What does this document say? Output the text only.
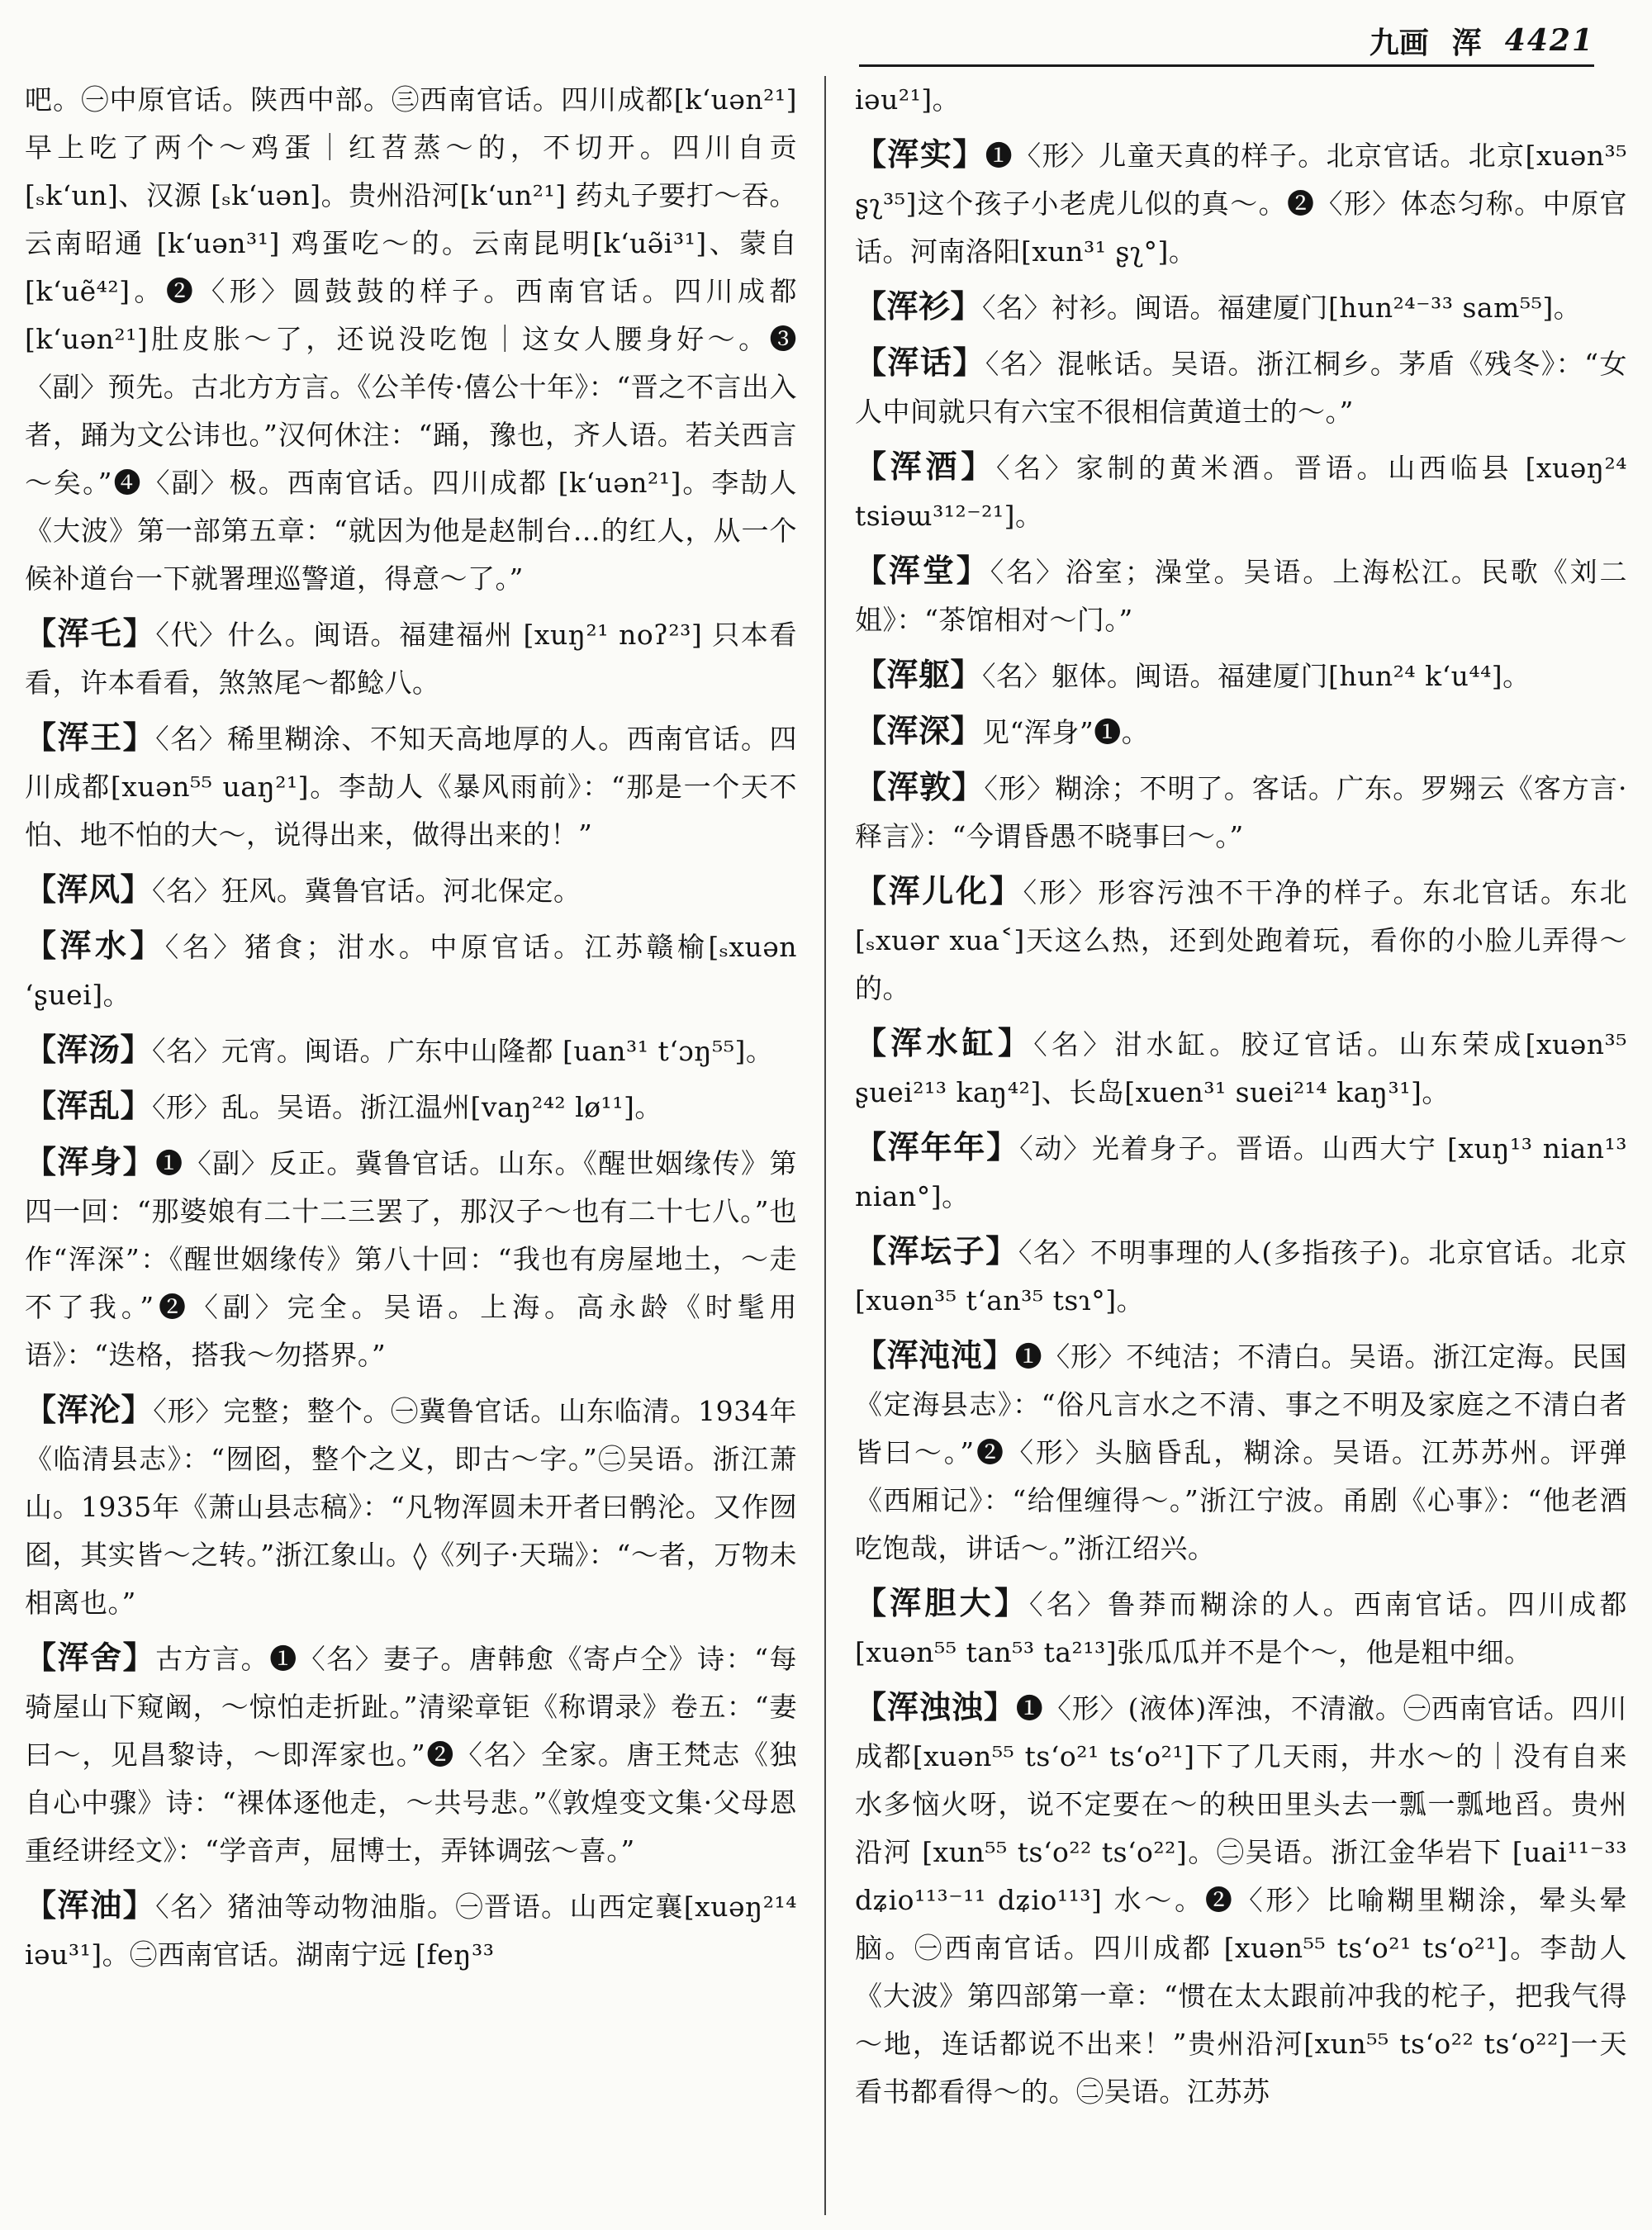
九画 浑 4421

吧。㊀中原官话。陕西中部。㊂西南官话。四川成都[k‘uən²¹]早上吃了两个～鸡蛋｜红苕蒸～的，不切开。四川自贡 [ₛk‘un]、汉源 [ₛk‘uən]。贵州沿河[k‘un²¹] 药丸子要打～吞。云南昭通 [k‘uən³¹] 鸡蛋吃～的。云南昆明[k‘uə̃i³¹]、蒙自[k‘uẽ⁴²]。❷〈形〉圆鼓鼓的样子。西南官话。四川成都[k‘uən²¹]肚皮胀～了，还说没吃饱｜这女人腰身好～。❸〈副〉预先。古北方方言。《公羊传·僖公十年》：“晋之不言出入者，踊为文公讳也。”汉何休注：“踊，豫也，齐人语。若关西言～矣。”❹〈副〉极。西南官话。四川成都 [k‘uən²¹]。李劼人《大波》第一部第五章：“就因为他是赵制台…的红人，从一个候补道台一下就署理巡警道，得意～了。”

【浑乇】〈代〉什么。闽语。福建福州 [xuŋ²¹ noʔ²³] 只本看看，许本看看，煞煞尾～都鲶八。

【浑王】〈名〉稀里糊涂、不知天高地厚的人。西南官话。四川成都[xuən⁵⁵ uaŋ²¹]。李劼人《暴风雨前》：“那是一个天不怕、地不怕的大～，说得出来，做得出来的！”

【浑风】〈名〉狂风。冀鲁官话。河北保定。

【浑水】〈名〉猪食；泔水。中原官话。江苏赣榆[ₛxuən ‘ʂuei]。

【浑汤】〈名〉元宵。闽语。广东中山隆都 [uan³¹ t‘ɔŋ⁵⁵]。

【浑乱】〈形〉乱。吴语。浙江温州[vaŋ²⁴² lø¹¹]。

【浑身】❶〈副〉反正。冀鲁官话。山东。《醒世姻缘传》第四一回：“那婆娘有二十二三罢了，那汉子～也有二十七八。”也作“浑深”：《醒世姻缘传》第八十回：“我也有房屋地土，～走不了我。”❷〈副〉完全。吴语。上海。高永龄《时髦用语》：“迭格，搭我～勿搭界。”

【浑沦】〈形〉完整；整个。㊀冀鲁官话。山东临清。1934年《临清县志》：“囫囵，整个之义，即古～字。”㊁吴语。浙江萧山。1935年《萧山县志稿》：“凡物浑圆未开者曰鹘沦。又作囫囵，其实皆～之转。”浙江象山。◊《列子·天瑞》：“～者，万物未相离也。”

【浑舍】古方言。❶〈名〉妻子。唐韩愈《寄卢仝》诗：“每骑屋山下窥阚，～惊怕走折趾。”清梁章钜《称谓录》卷五：“妻曰～，见昌黎诗，～即浑家也。”❷〈名〉全家。唐王梵志《独自心中骤》诗：“裸体逐他走，～共号悲。”《敦煌变文集·父母恩重经讲经文》：“学音声，屈博士，弄钵调弦～喜。”

【浑油】〈名〉猪油等动物油脂。㊀晋语。山西定襄[xuəŋ²¹⁴ iəu³¹]。㊁西南官话。湖南宁远 [feŋ³³

iəu²¹]。

【浑实】❶〈形〉儿童天真的样子。北京官话。北京[xuən³⁵ ʂʅ³⁵]这个孩子小老虎儿似的真～。❷〈形〉体态匀称。中原官话。河南洛阳[xun³¹ ʂʅ°]。

【浑衫】〈名〉衬衫。闽语。福建厦门[hun²⁴⁻³³ sam⁵⁵]。

【浑话】〈名〉混帐话。吴语。浙江桐乡。茅盾《残冬》：“女人中间就只有六宝不很相信黄道士的～。”

【浑酒】〈名〉家制的黄米酒。晋语。山西临县 [xuəŋ²⁴ tsiəɯ³¹²⁻²¹]。

【浑堂】〈名〉浴室；澡堂。吴语。上海松江。民歌《刘二姐》：“茶馆相对～门。”

【浑躯】〈名〉躯体。闽语。福建厦门[hun²⁴ k‘u⁴⁴]。

【浑深】见“浑身”❶。

【浑敦】〈形〉糊涂；不明了。客话。广东。罗翙云《客方言·释言》：“今谓昏愚不晓事曰～。”

【浑儿化】〈形〉形容污浊不干净的样子。东北官话。东北[ₛxuər xua˂]天这么热，还到处跑着玩，看你的小脸儿弄得～的。

【浑水缸】〈名〉泔水缸。胶辽官话。山东荣成[xuən³⁵ ʂuei²¹³ kaŋ⁴²]、长岛[xuen³¹ suei²¹⁴ kaŋ³¹]。

【浑年年】〈动〉光着身子。晋语。山西大宁 [xuŋ¹³ nian¹³ nian°]。

【浑坛子】〈名〉不明事理的人(多指孩子)。北京官话。北京[xuən³⁵ t‘an³⁵ tsɿ°]。

【浑沌沌】❶〈形〉不纯洁；不清白。吴语。浙江定海。民国《定海县志》：“俗凡言水之不清、事之不明及家庭之不清白者皆曰～。”❷〈形〉头脑昏乱，糊涂。吴语。江苏苏州。评弹《西厢记》：“给俚缠得～。”浙江宁波。甬剧《心事》：“他老酒吃饱哉，讲话～。”浙江绍兴。

【浑胆大】〈名〉鲁莽而糊涂的人。西南官话。四川成都[xuən⁵⁵ tan⁵³ ta²¹³]张瓜瓜并不是个～，他是粗中细。

【浑浊浊】❶〈形〉(液体)浑浊，不清澈。㊀西南官话。四川成都[xuən⁵⁵ ts‘o²¹ ts‘o²¹]下了几天雨，井水～的｜没有自来水多恼火呀，说不定要在～的秧田里头去一瓢一瓢地舀。贵州沿河 [xun⁵⁵ ts‘o²² ts‘o²²]。㊁吴语。浙江金华岩下 [uai¹¹⁻³³ dʑio¹¹³⁻¹¹ dʑio¹¹³] 水～。❷〈形〉比喻糊里糊涂，晕头晕脑。㊀西南官话。四川成都 [xuən⁵⁵ ts‘o²¹ ts‘o²¹]。李劼人《大波》第四部第一章：“惯在太太跟前冲我的柁子，把我气得～地，连话都说不出来！”贵州沿河[xun⁵⁵ ts‘o²² ts‘o²²]一天看书都看得～的。㊁吴语。江苏苏
